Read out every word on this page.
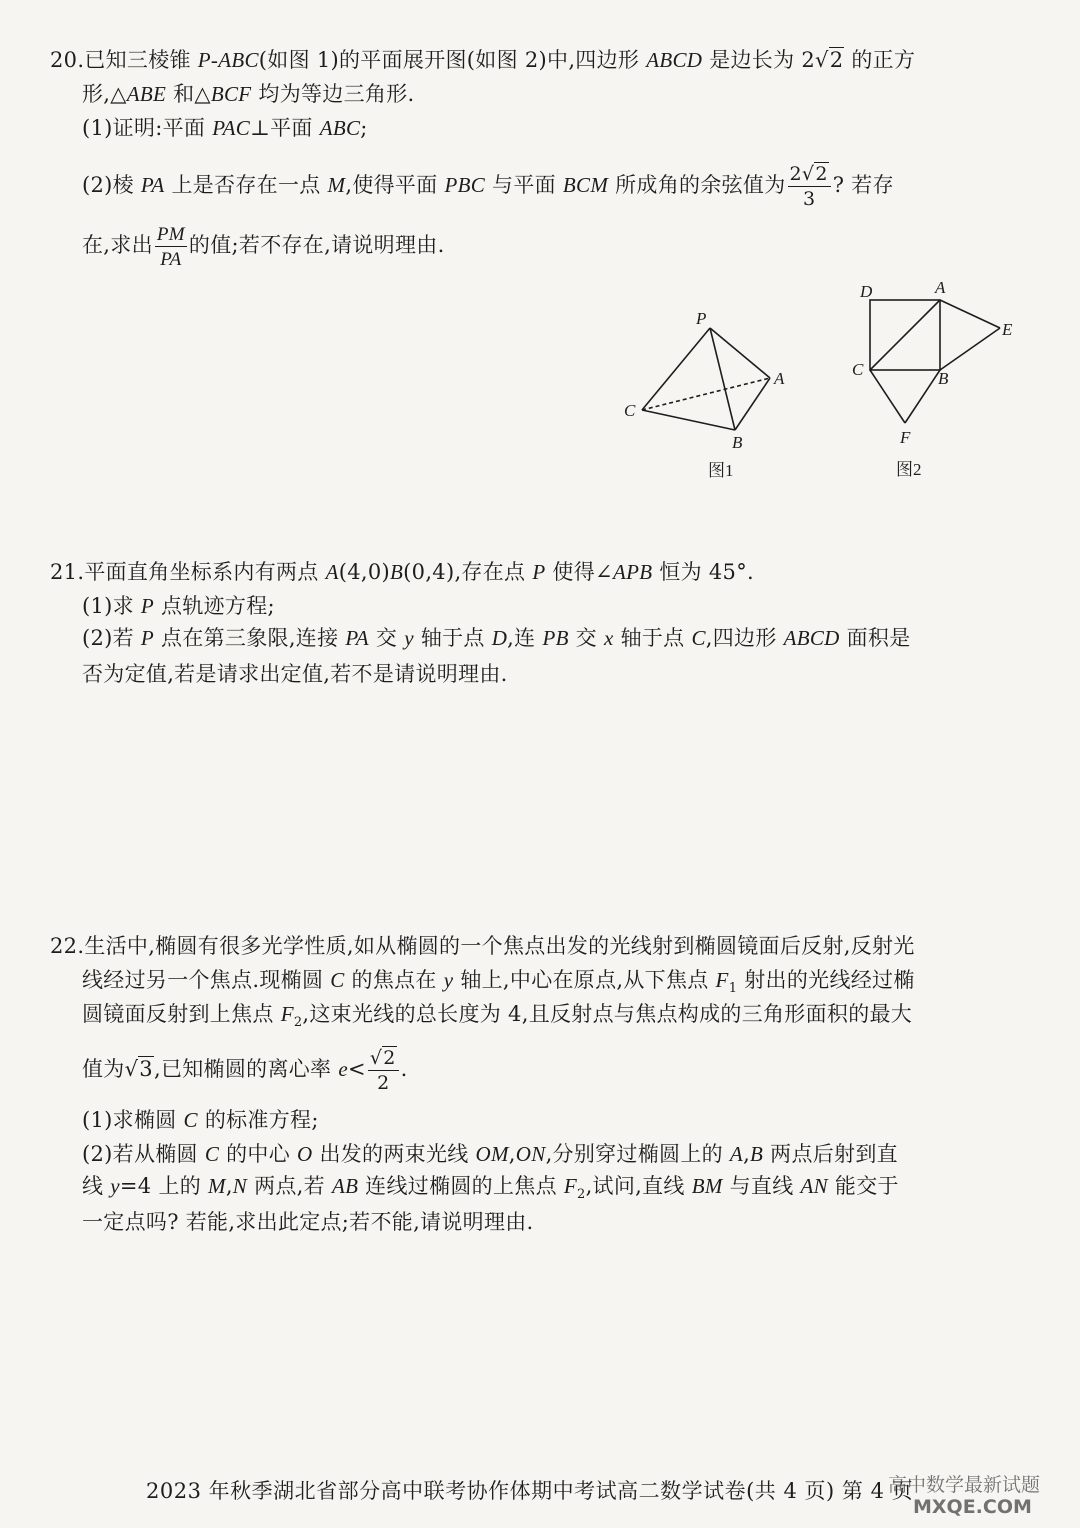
20.已知三棱锥 P-ABC(如图 1)的平面展开图(如图 2)中,四边形 ABCD 是边长为 2√2 的正方
形,△ABE 和△BCF 均为等边三角形.
(1)证明:平面 PAC⊥平面 ABC;
(2)棱 PA 上是否存在一点 M,使得平面 PBC 与平面 BCM 所成角的余弦值为 $\frac{2√2}{3}$ ? 若存
在,求出 $\frac{PM}{PA}$ 的值;若不存在,请说明理由.
P
A
B
C
图1
D	A
E
C	B
F
图2
21.平面直角坐标系内有两点 A(4,0)B(0,4),存在点 P 使得∠APB 恒为 45°.
(1)求 P 点轨迹方程;
(2)若 P 点在第三象限,连接 PA 交 y 轴于点 D,连 PB 交 x 轴于点 C,四边形 ABCD 面积是
否为定值,若是请求出定值,若不是请说明理由.
22.生活中,椭圆有很多光学性质,如从椭圆的一个焦点出发的光线射到椭圆镜面后反射,反射光
线经过另一个焦点.现椭圆 C 的焦点在 y 轴上,中心在原点,从下焦点 $F_1$ 射出的光线经过椭
圆镜面反射到上焦点 $F_2$,这束光线的总长度为 4,且反射点与焦点构成的三角形面积的最大
值为√3,已知椭圆的离心率 $e< \frac{√2}{2}$ .
(1)求椭圆 C 的标准方程;
(2)若从椭圆 C 的中心 O 出发的两束光线 OM,ON,分别穿过椭圆上的 A,B 两点后射到直
线 y=4 上的 M,N 两点,若 AB 连线过椭圆的上焦点 $F_2$,试问,直线 BM 与直线 AN 能交于
一定点吗? 若能,求出此定点;若不能,请说明理由.
2023 年秋季湖北省部分高中联考协作体期中考试高二数学试卷(共 4 页) 第 4 页
高中数学最新试题
MXQE.COM
